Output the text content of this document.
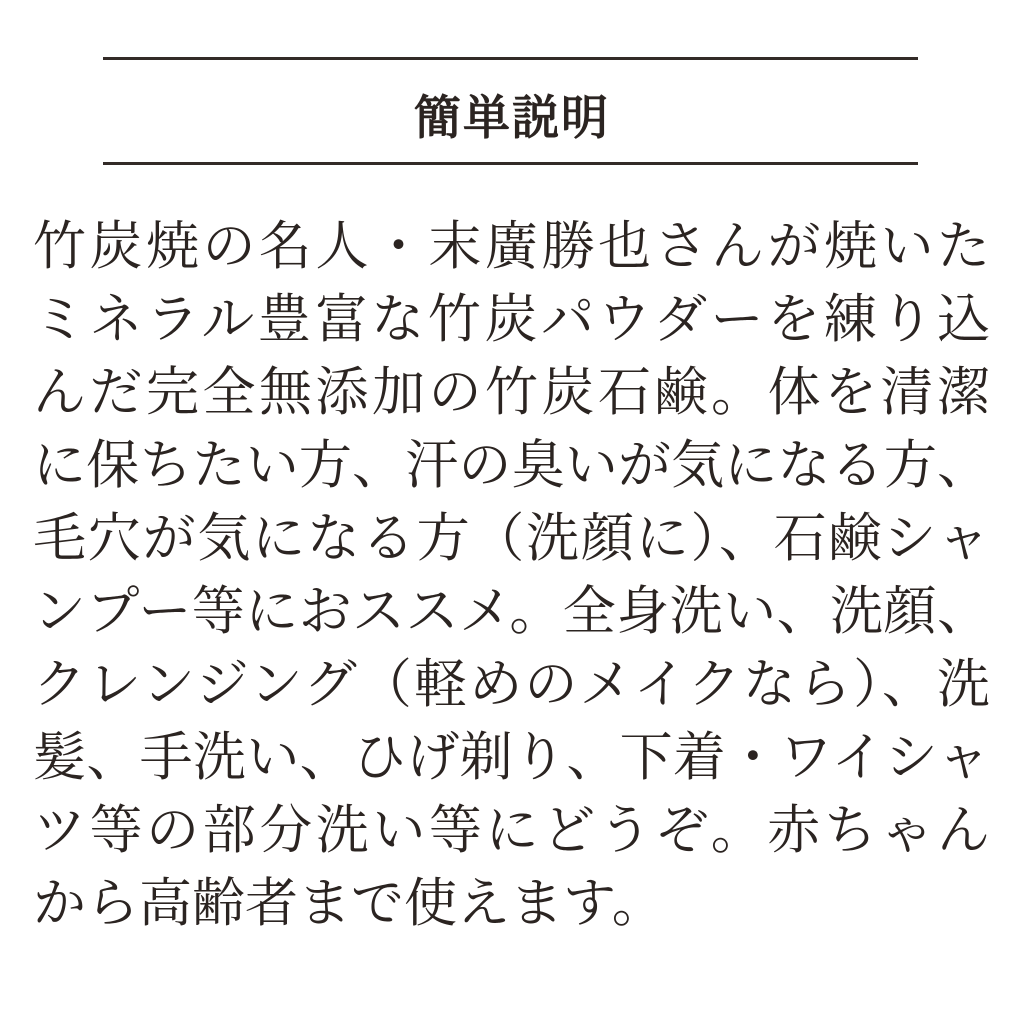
簡単説明
竹炭焼の名人・末廣勝也さんが焼いた
ミネラル豊富な竹炭パウダーを練り込
んだ完全無添加の竹炭石鹸。体を清潔
に保ちたい方、汗の臭いが気になる方、
毛穴が気になる方（洗顔に）、石鹸シャ
ンプー等におススメ。全身洗い、洗顔、
クレンジング（軽めのメイクなら）、洗
髪、手洗い、ひげ剃り、下着・ワイシャ
ツ等の部分洗い等にどうぞ。赤ちゃん
から高齢者まで使えます。
